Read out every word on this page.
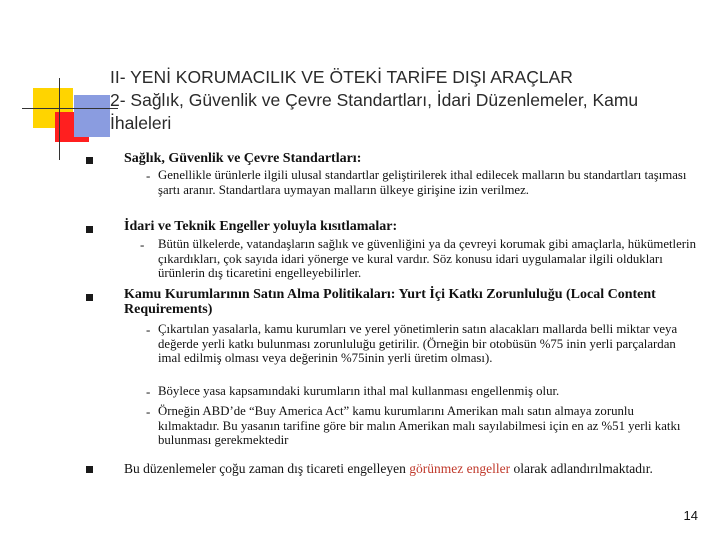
II- YENİ KORUMACILIK VE ÖTEKİ TARİFE DIŞI ARAÇLAR
2- Sağlık, Güvenlik ve Çevre Standartları, İdari Düzenlemeler, Kamu
İhaleleri
Sağlık, Güvenlik ve Çevre Standartları:
- Genellikle ürünlerle ilgili ulusal standartlar geliştirilerek ithal edilecek malların bu standartları taşıması şartı aranır. Standartlara uymayan malların ülkeye girişine izin verilmez.
İdari ve Teknik Engeller yoluyla kısıtlamalar:
- Bütün ülkelerde, vatandaşların sağlık ve güvenliğini ya da çevreyi korumak gibi amaçlarla, hükümetlerin çıkardıkları, çok sayıda idari yönerge ve kural vardır. Söz konusu idari uygulamalar ilgili oldukları ürünlerin dış ticaretini engelleyebilirler.
Kamu Kurumlarının Satın Alma Politikaları: Yurt İçi Katkı Zorunluluğu (Local Content Requirements)
- Çıkartılan yasalarla, kamu kurumları ve yerel yönetimlerin satın alacakları mallarda belli miktar veya değerde yerli katkı bulunması zorunluluğu getirilir. (Örneğin bir otobüsün %75 inin yerli parçalardan imal edilmiş olması veya değerinin %75inin yerli üretim olması).
- Böylece yasa kapsamındaki kurumların ithal mal kullanması engellenmiş olur.
- Örneğin ABD’de “Buy America Act” kamu kurumlarını Amerikan malı satın almaya zorunlu kılmaktadır. Bu yasanın tarifine göre bir malın Amerikan malı sayılabilmesi için en az %51 yerli katkı bulunması gerekmektedir
Bu düzenlemeler çoğu zaman dış ticareti engelleyen görünmez engeller olarak adlandırılmaktadır.
14
